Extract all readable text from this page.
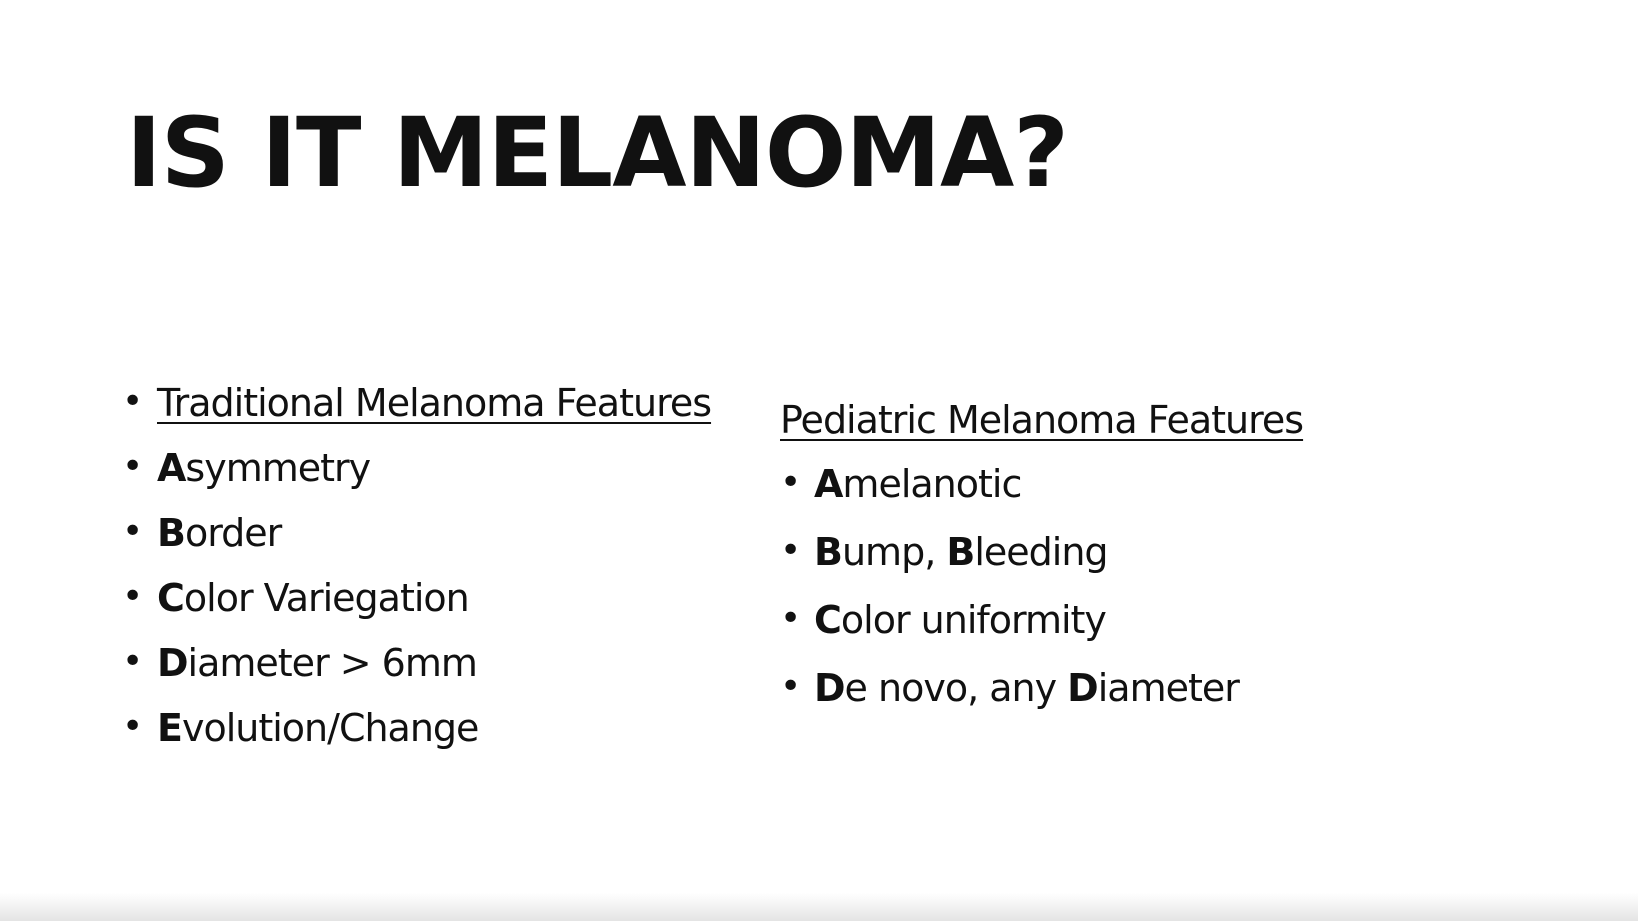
IS IT MELANOMA?
• Traditional Melanoma Features
• Asymmetry
• Border
• Color Variegation
• Diameter > 6mm
• Evolution/Change
Pediatric Melanoma Features
• Amelanotic
• Bump, Bleeding
• Color uniformity
• De novo, any Diameter
